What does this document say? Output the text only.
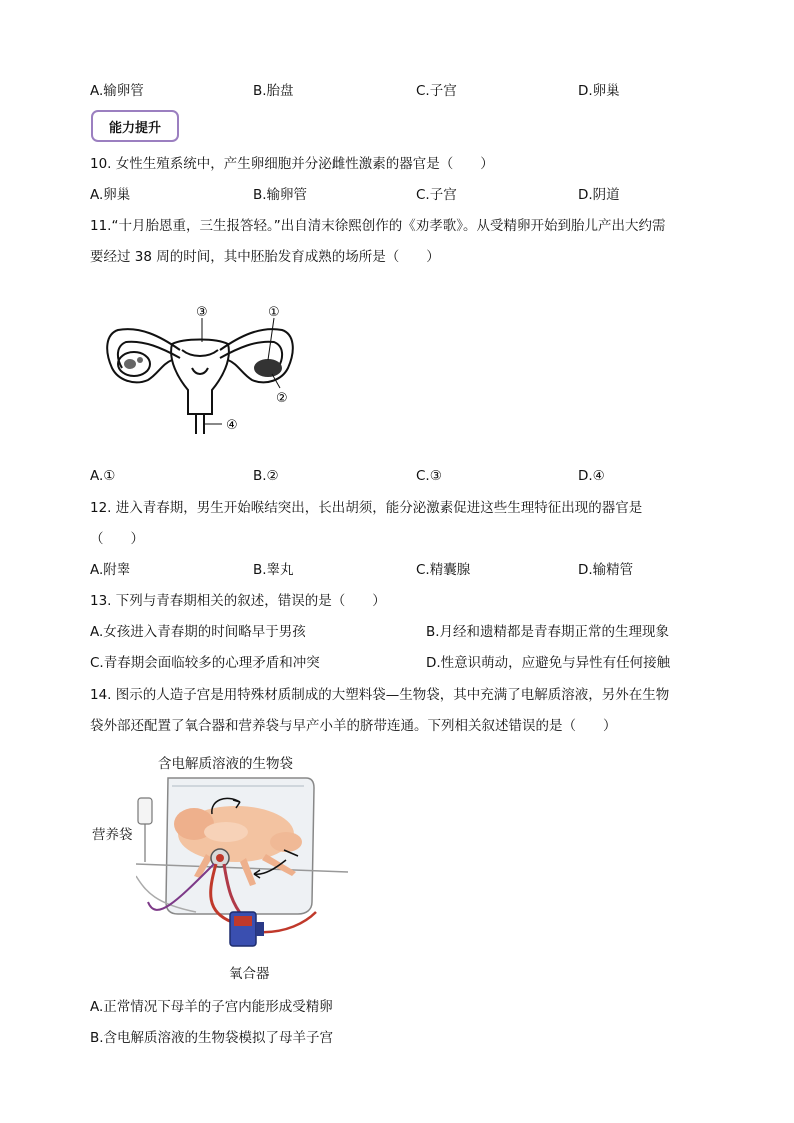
A.输卵管	B.胎盘	C.子宫	D.卵巢
能力提升
10. 女性生殖系统中，产生卵细胞并分泌雌性激素的器官是（　　）
A.卵巢	B.输卵管	C.子宫	D.阴道
11.“十月胎恩重，三生报答轻。”出自清末徐熙创作的《劝孝歌》。从受精卵开始到胎儿产出大约需
要经过 38 周的时间，其中胚胎发育成熟的场所是（　　）
③	①
②
④
A.①	B.②	C.③	D.④
12. 进入青春期，男生开始喉结突出，长出胡须，能分泌激素促进这些生理特征出现的器官是
（　　）
A.附睾	B.睾丸	C.精囊腺	D.输精管
13. 下列与青春期相关的叙述，错误的是（　　）
A.女孩进入青春期的时间略早于男孩	B.月经和遗精都是青春期正常的生理现象
C.青春期会面临较多的心理矛盾和冲突	D.性意识萌动，应避免与异性有任何接触
14. 图示的人造子宫是用特殊材质制成的大塑料袋—生物袋，其中充满了电解质溶液，另外在生物
袋外部还配置了氧合器和营养袋与早产小羊的脐带连通。下列相关叙述错误的是（　　）
含电解质溶液的生物袋
营养袋
氧合器
A.正常情况下母羊的子宫内能形成受精卵
B.含电解质溶液的生物袋模拟了母羊子宫
